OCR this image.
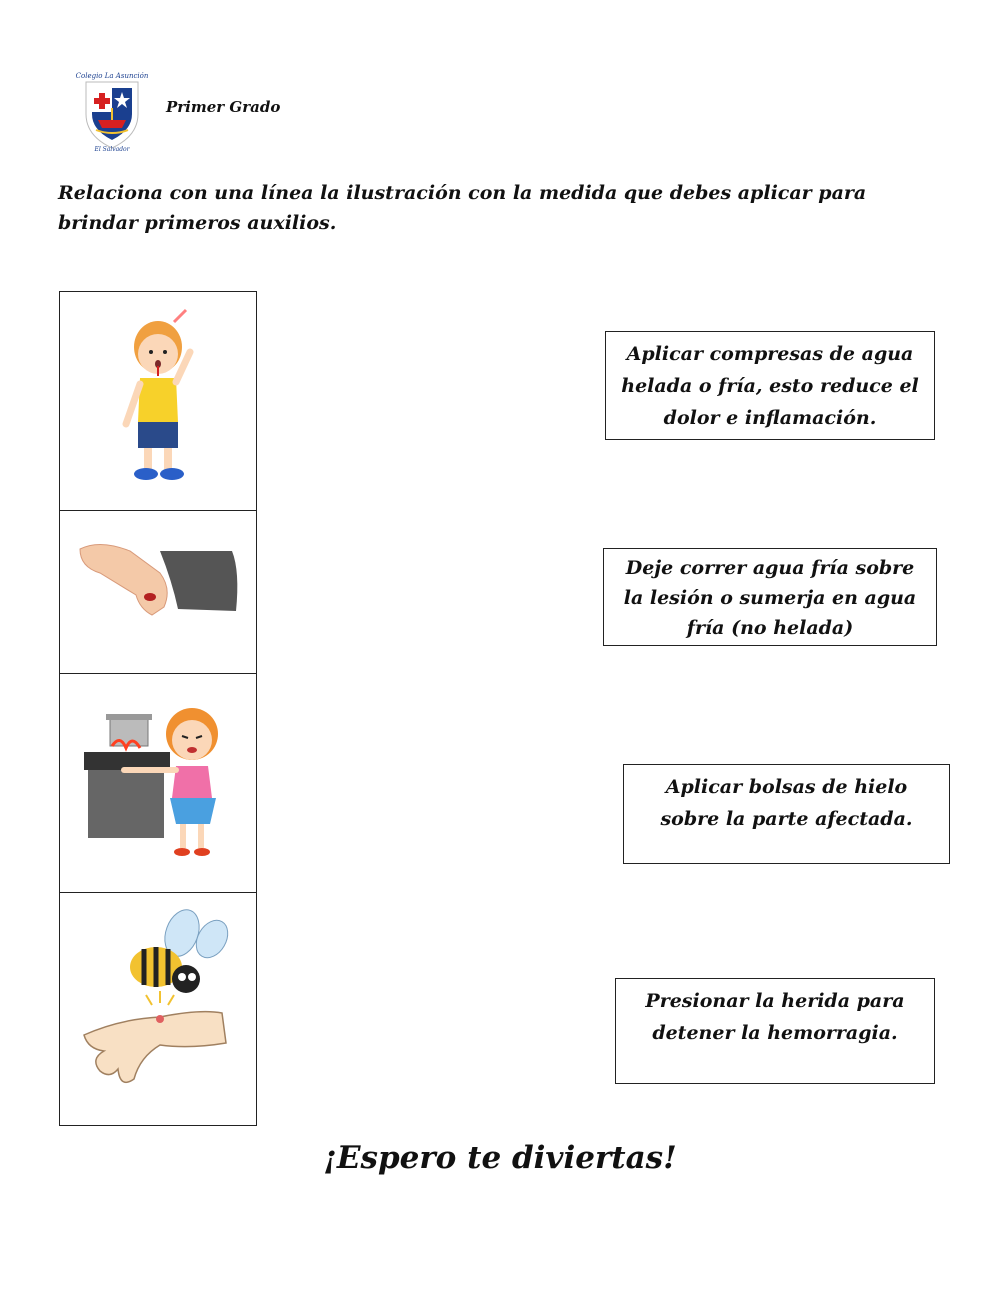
Colegio La Asunción
El Salvador
Primer Grado
Relaciona con una línea la ilustración con la medida que debes aplicar para brindar primeros auxilios.
Aplicar compresas de agua helada o fría, esto reduce el dolor e inflamación.
Deje correr agua fría sobre la lesión o sumerja en agua fría (no helada)
Aplicar bolsas de hielo sobre la parte afectada.
Presionar la herida para detener la hemorragia.
¡Espero te diviertas!
